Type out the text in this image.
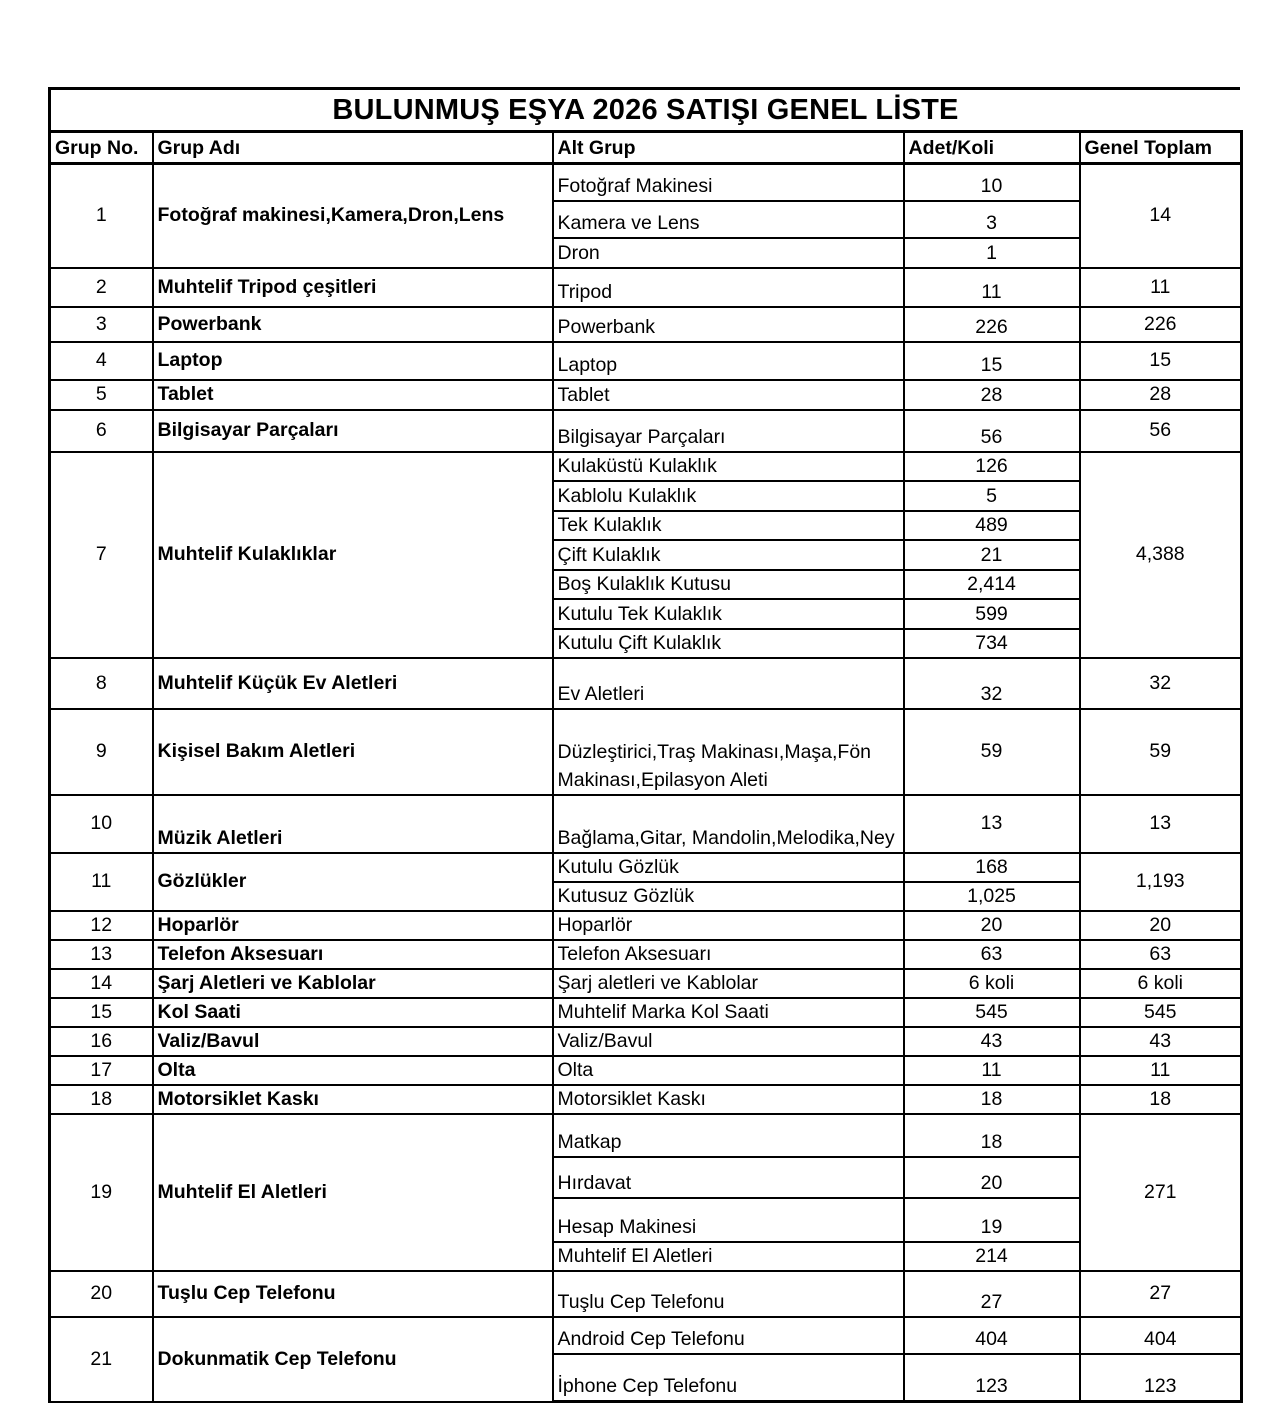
BULUNMUŞ EŞYA 2026 SATIŞI GENEL LİSTE
Grup No.	Grup Adı	Alt Grup	Adet/Koli	Genel Toplam
1	Fotoğraf makinesi,Kamera,Dron,Lens	Fotoğraf Makinesi	10	14
		Kamera ve Lens	3	
		Dron	1	
2	Muhtelif Tripod çeşitleri	Tripod	11	11
3	Powerbank	Powerbank	226	226
4	Laptop	Laptop	15	15
5	Tablet	Tablet	28	28
6	Bilgisayar Parçaları	Bilgisayar Parçaları	56	56
7	Muhtelif Kulaklıklar	Kulaküstü Kulaklık	126	4,388
		Kablolu Kulaklık	5	
		Tek Kulaklık	489	
		Çift Kulaklık	21	
		Boş Kulaklık Kutusu	2,414	
		Kutulu Tek Kulaklık	599	
		Kutulu Çift Kulaklık	734	
8	Muhtelif Küçük Ev Aletleri	Ev Aletleri	32	32
9	Kişisel Bakım Aletleri	Düzleştirici,Traş Makinası,Maşa,Fön Makinası,Epilasyon Aleti	59	59
10	Müzik Aletleri	Bağlama,Gitar, Mandolin,Melodika,Ney	13	13
11	Gözlükler	Kutulu Gözlük	168	1,193
		Kutusuz Gözlük	1,025	
12	Hoparlör	Hoparlör	20	20
13	Telefon Aksesuarı	Telefon Aksesuarı	63	63
14	Şarj Aletleri ve Kablolar	Şarj aletleri ve Kablolar	6 koli	6 koli
15	Kol Saati	Muhtelif Marka Kol Saati	545	545
16	Valiz/Bavul	Valiz/Bavul	43	43
17	Olta	Olta	11	11
18	Motorsiklet Kaskı	Motorsiklet Kaskı	18	18
19	Muhtelif El Aletleri	Matkap	18	271
		Hırdavat	20	
		Hesap Makinesi	19	
		Muhtelif El Aletleri	214	
20	Tuşlu Cep Telefonu	Tuşlu Cep Telefonu	27	27
21	Dokunmatik Cep Telefonu	Android Cep Telefonu	404	404
		İphone Cep Telefonu	123	123
